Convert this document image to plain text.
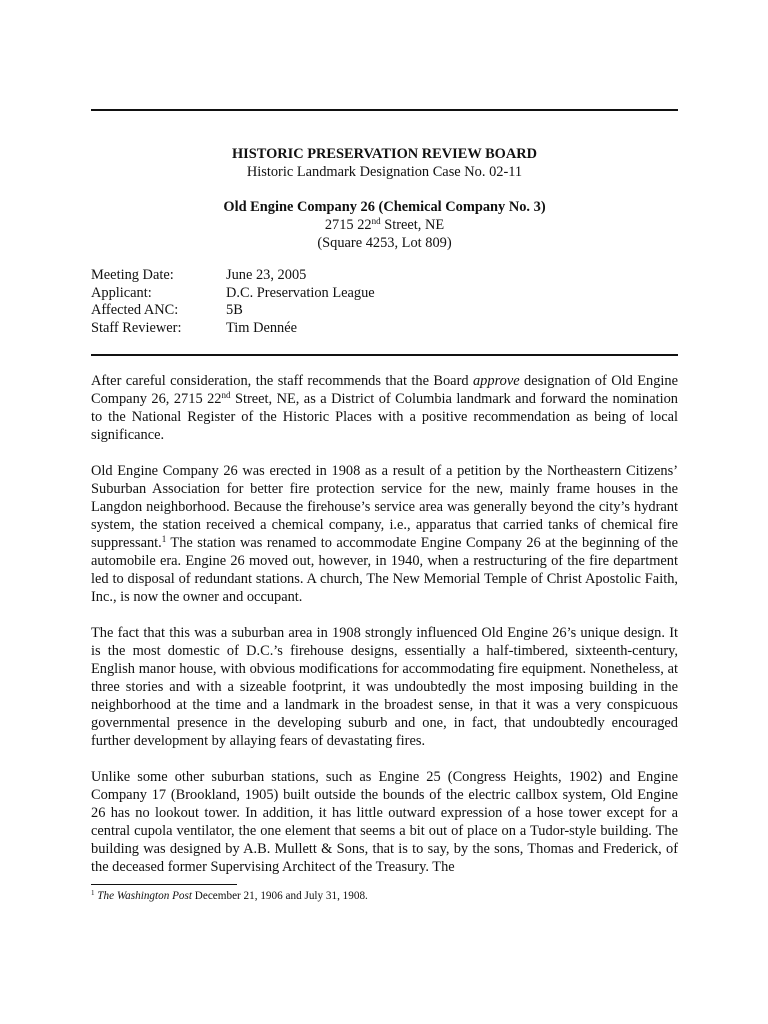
HISTORIC PRESERVATION REVIEW BOARD
Historic Landmark Designation Case No. 02-11
Old Engine Company 26 (Chemical Company No. 3)
2715 22nd Street, NE
(Square 4253, Lot 809)
Meeting Date:	June 23, 2005
Applicant:	D.C. Preservation League
Affected ANC:	5B
Staff Reviewer:	Tim Dennée

After careful consideration, the staff recommends that the Board approve designation of Old Engine Company 26, 2715 22nd Street, NE, as a District of Columbia landmark and forward the nomination to the National Register of the Historic Places with a positive recommendation as being of local significance.

Old Engine Company 26 was erected in 1908 as a result of a petition by the Northeastern Citizens’ Suburban Association for better fire protection service for the new, mainly frame houses in the Langdon neighborhood. Because the firehouse’s service area was generally beyond the city’s hydrant system, the station received a chemical company, i.e., apparatus that carried tanks of chemical fire suppressant.$^1$ The station was renamed to accommodate Engine Company 26 at the beginning of the automobile era. Engine 26 moved out, however, in 1940, when a restructuring of the fire department led to disposal of redundant stations. A church, The New Memorial Temple of Christ Apostolic Faith, Inc., is now the owner and occupant.

The fact that this was a suburban area in 1908 strongly influenced Old Engine 26’s unique design. It is the most domestic of D.C.’s firehouse designs, essentially a half-timbered, sixteenth-century, English manor house, with obvious modifications for accommodating fire equipment. Nonetheless, at three stories and with a sizeable footprint, it was undoubtedly the most imposing building in the neighborhood at the time and a landmark in the broadest sense, in that it was a very conspicuous governmental presence in the developing suburb and one, in fact, that undoubtedly encouraged further development by allaying fears of devastating fires.

Unlike some other suburban stations, such as Engine 25 (Congress Heights, 1902) and Engine Company 17 (Brookland, 1905) built outside the bounds of the electric callbox system, Old Engine 26 has no lookout tower. In addition, it has little outward expression of a hose tower except for a central cupola ventilator, the one element that seems a bit out of place on a Tudor-style building. The building was designed by A.B. Mullett & Sons, that is to say, by the sons, Thomas and Frederick, of the deceased former Supervising Architect of the Treasury. The

$^1$ The Washington Post December 21, 1906 and July 31, 1908.
